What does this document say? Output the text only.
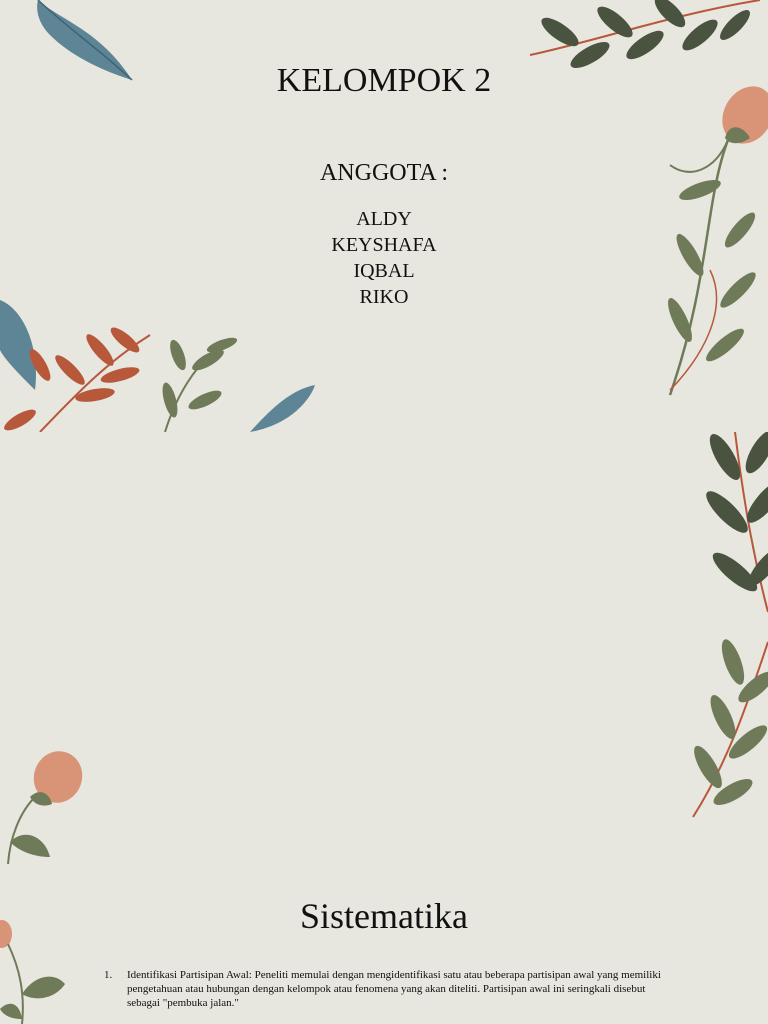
KELOMPOK 2
ANGGOTA :
ALDY
KEYSHAFA
IQBAL
RIKO

Sistematika
1. Identifikasi Partisipan Awal: Peneliti memulai dengan mengidentifikasi satu atau beberapa partisipan awal yang memiliki pengetahuan atau hubungan dengan kelompok atau fenomena yang akan diteliti. Partisipan awal ini seringkali disebut sebagai "pembuka jalan."
